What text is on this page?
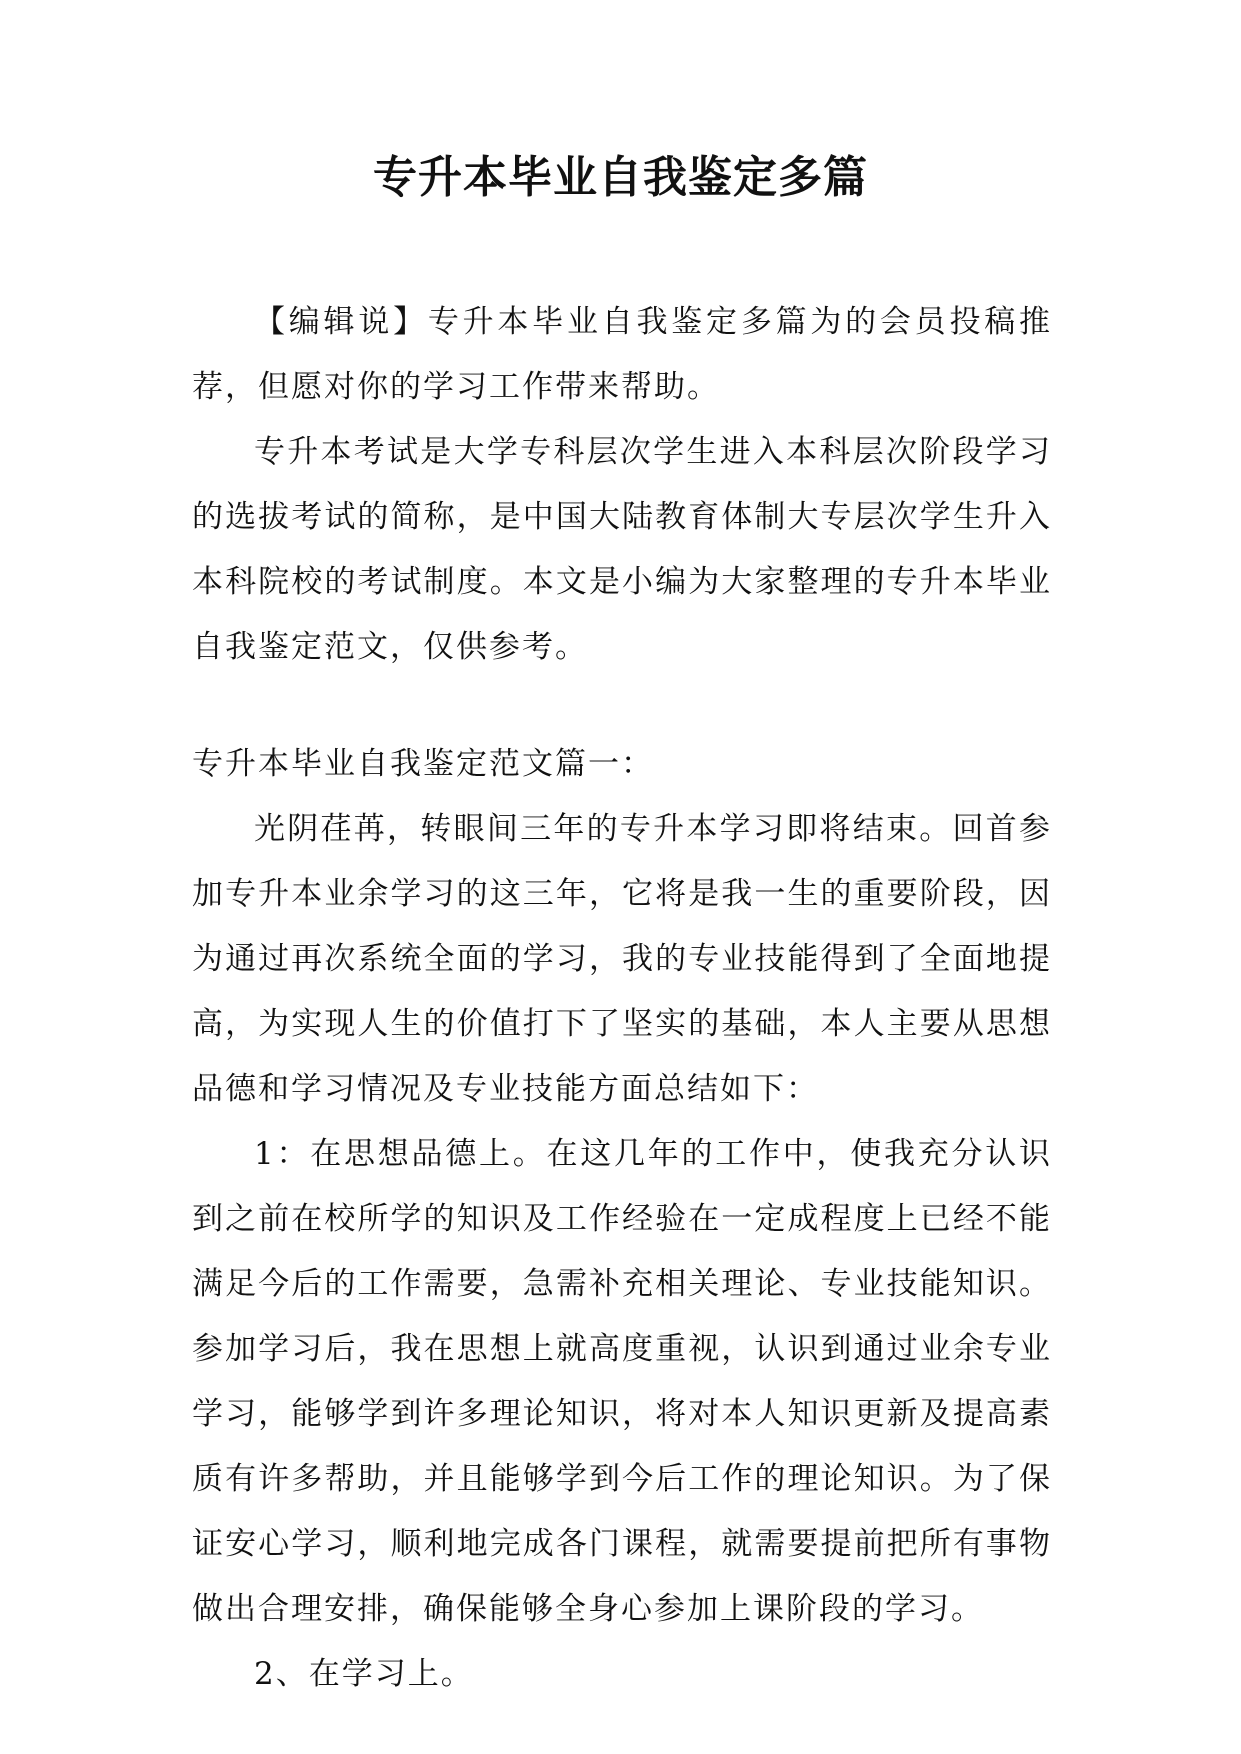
专升本毕业自我鉴定多篇

【编辑说】专升本毕业自我鉴定多篇为的会员投稿推荐，但愿对你的学习工作带来帮助。

专升本考试是大学专科层次学生进入本科层次阶段学习的选拔考试的简称，是中国大陆教育体制大专层次学生升入本科院校的考试制度。本文是小编为大家整理的专升本毕业自我鉴定范文，仅供参考。

专升本毕业自我鉴定范文篇一：

光阴荏苒，转眼间三年的专升本学习即将结束。回首参加专升本业余学习的这三年，它将是我一生的重要阶段，因为通过再次系统全面的学习，我的专业技能得到了全面地提高，为实现人生的价值打下了坚实的基础，本人主要从思想品德和学习情况及专业技能方面总结如下：

1：在思想品德上。在这几年的工作中，使我充分认识到之前在校所学的知识及工作经验在一定成程度上已经不能满足今后的工作需要，急需补充相关理论、专业技能知识。参加学习后，我在思想上就高度重视，认识到通过业余专业学习，能够学到许多理论知识，将对本人知识更新及提高素质有许多帮助，并且能够学到今后工作的理论知识。为了保证安心学习，顺利地完成各门课程，就需要提前把所有事物做出合理安排，确保能够全身心参加上课阶段的学习。

2、在学习上。
